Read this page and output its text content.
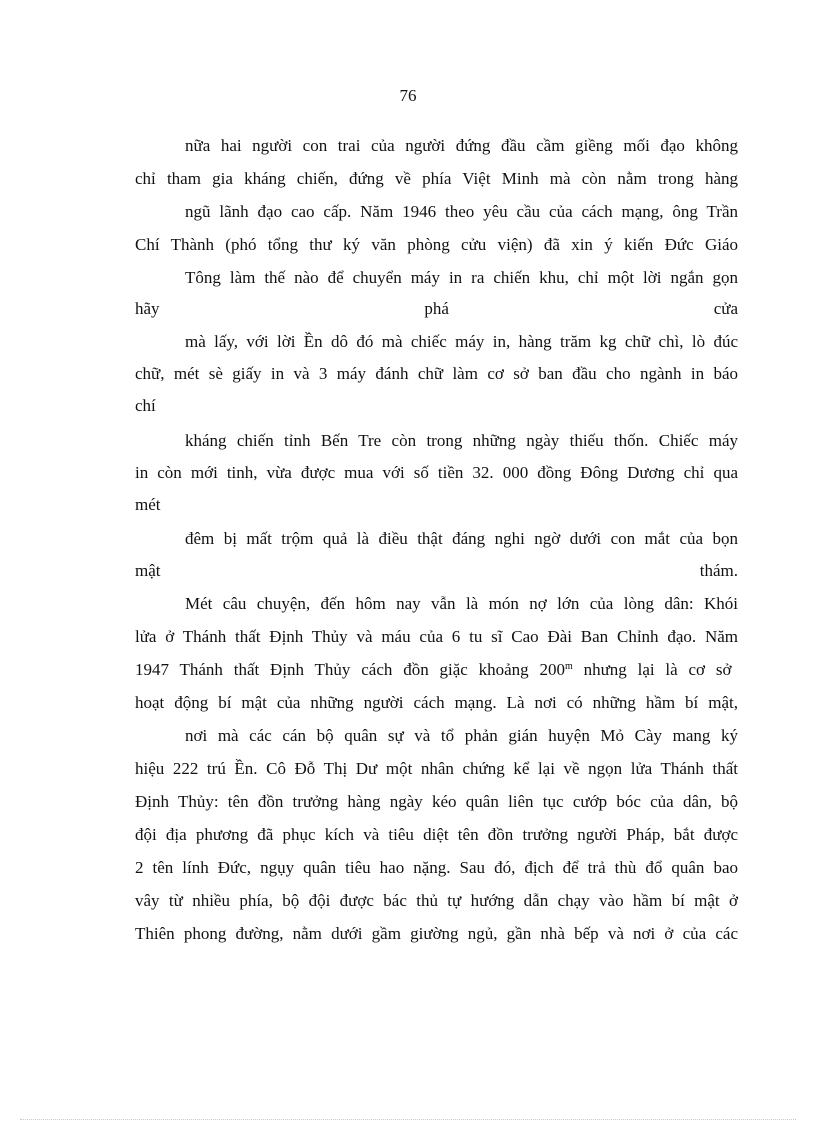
76
nữa hai người con trai của người đứng đầu cầm giềng mối đạo không
chỉ tham gia kháng chiến, đứng về phía Việt Minh mà còn nằm trong hàng
ngũ lãnh đạo cao cấp. Năm 1946 theo yêu cầu của cách mạng, ông Trần
Chí Thành (phó tổng thư ký văn phòng cửu viện) đã xin ý kiến Đức Giáo
Tông làm thế nào để chuyển máy in ra chiến khu, chỉ một lời ngắn gọn
hãy	phá	cửa
mà lấy, với lời Ền dô đó mà chiếc máy in, hàng trăm kg chữ chì, lò đúc
chữ, mét sè giấy in và 3 máy đánh chữ làm cơ sở ban đầu cho ngành in báo
chí
kháng chiến tỉnh Bến Tre còn trong những ngày thiếu thốn. Chiếc máy
in còn mới tinh, vừa được mua với số tiền 32. 000 đồng Đông Dương chỉ qua
mét
đêm bị mất trộm quả là điều thật đáng nghi ngờ dưới con mắt của bọn
mật	thám.
Mét câu chuyện, đến hôm nay vẫn là món nợ lớn của lòng dân: Khói
lửa ở Thánh thất Định Thủy và máu của 6 tu sĩ Cao Đài Ban Chỉnh đạo. Năm
1947 Thánh thất Định Thủy cách đồn giặc khoảng 200$^m$ nhưng lại là cơ sở
hoạt động bí mật của những người cách mạng. Là nơi có những hầm bí mật,
nơi mà các cán bộ quân sự và tổ phản gián huyện Mỏ Cày mang ký
hiệu 222 trú Ền. Cô Đỗ Thị Dư một nhân chứng kể lại về ngọn lửa Thánh thất
Định Thủy: tên đồn trưởng hàng ngày kéo quân liên tục cướp bóc của dân, bộ
đội địa phương đã phục kích và tiêu diệt tên đồn trưởng người Pháp, bắt được
2 tên lính Đức, ngụy quân tiêu hao nặng. Sau đó, địch để trả thù đổ quân bao
vây từ nhiều phía, bộ đội được bác thủ tự hướng dẫn chạy vào hầm bí mật ở
Thiên phong đường, nằm dưới gầm giường ngủ, gần nhà bếp và nơi ở của các
